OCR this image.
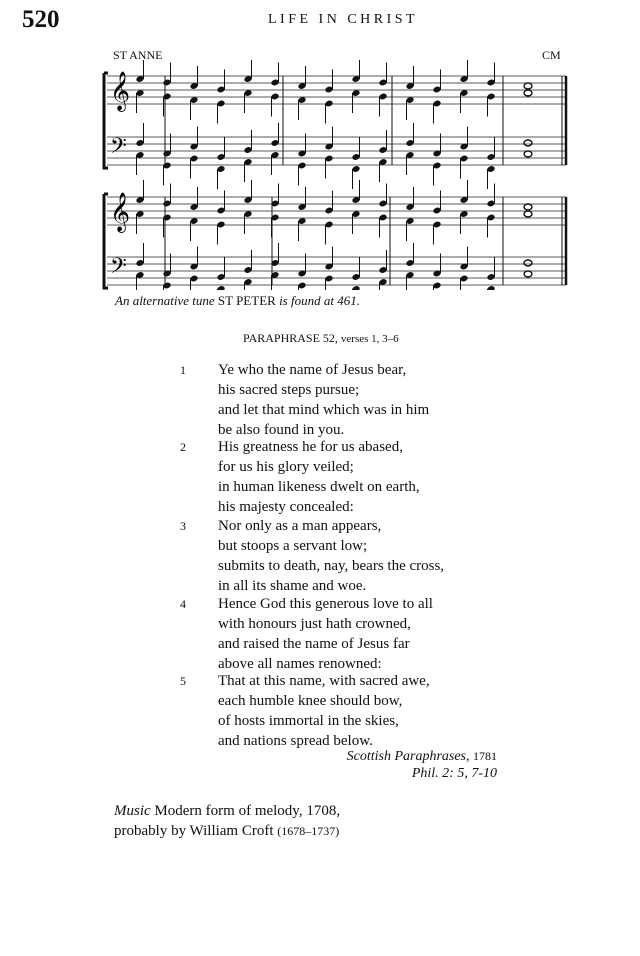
520	LIFE IN CHRIST
ST ANNE	CM
𝄞
𝄢
𝄞
𝄢
An alternative tune ST PETER is found at 461.
PARAPHRASE 52, verses 1, 3–6
1 Ye who the name of Jesus bear,
his sacred steps pursue;
and let that mind which was in him
be also found in you.
2 His greatness he for us abased,
for us his glory veiled;
in human likeness dwelt on earth,
his majesty concealed:
3 Nor only as a man appears,
but stoops a servant low;
submits to death, nay, bears the cross,
in all its shame and woe.
4 Hence God this generous love to all
with honours just hath crowned,
and raised the name of Jesus far
above all names renowned:
5 That at this name, with sacred awe,
each humble knee should bow,
of hosts immortal in the skies,
and nations spread below.
Scottish Paraphrases, 1781
Phil. 2: 5, 7-10
Music Modern form of melody, 1708,
probably by William Croft (1678–1737)
